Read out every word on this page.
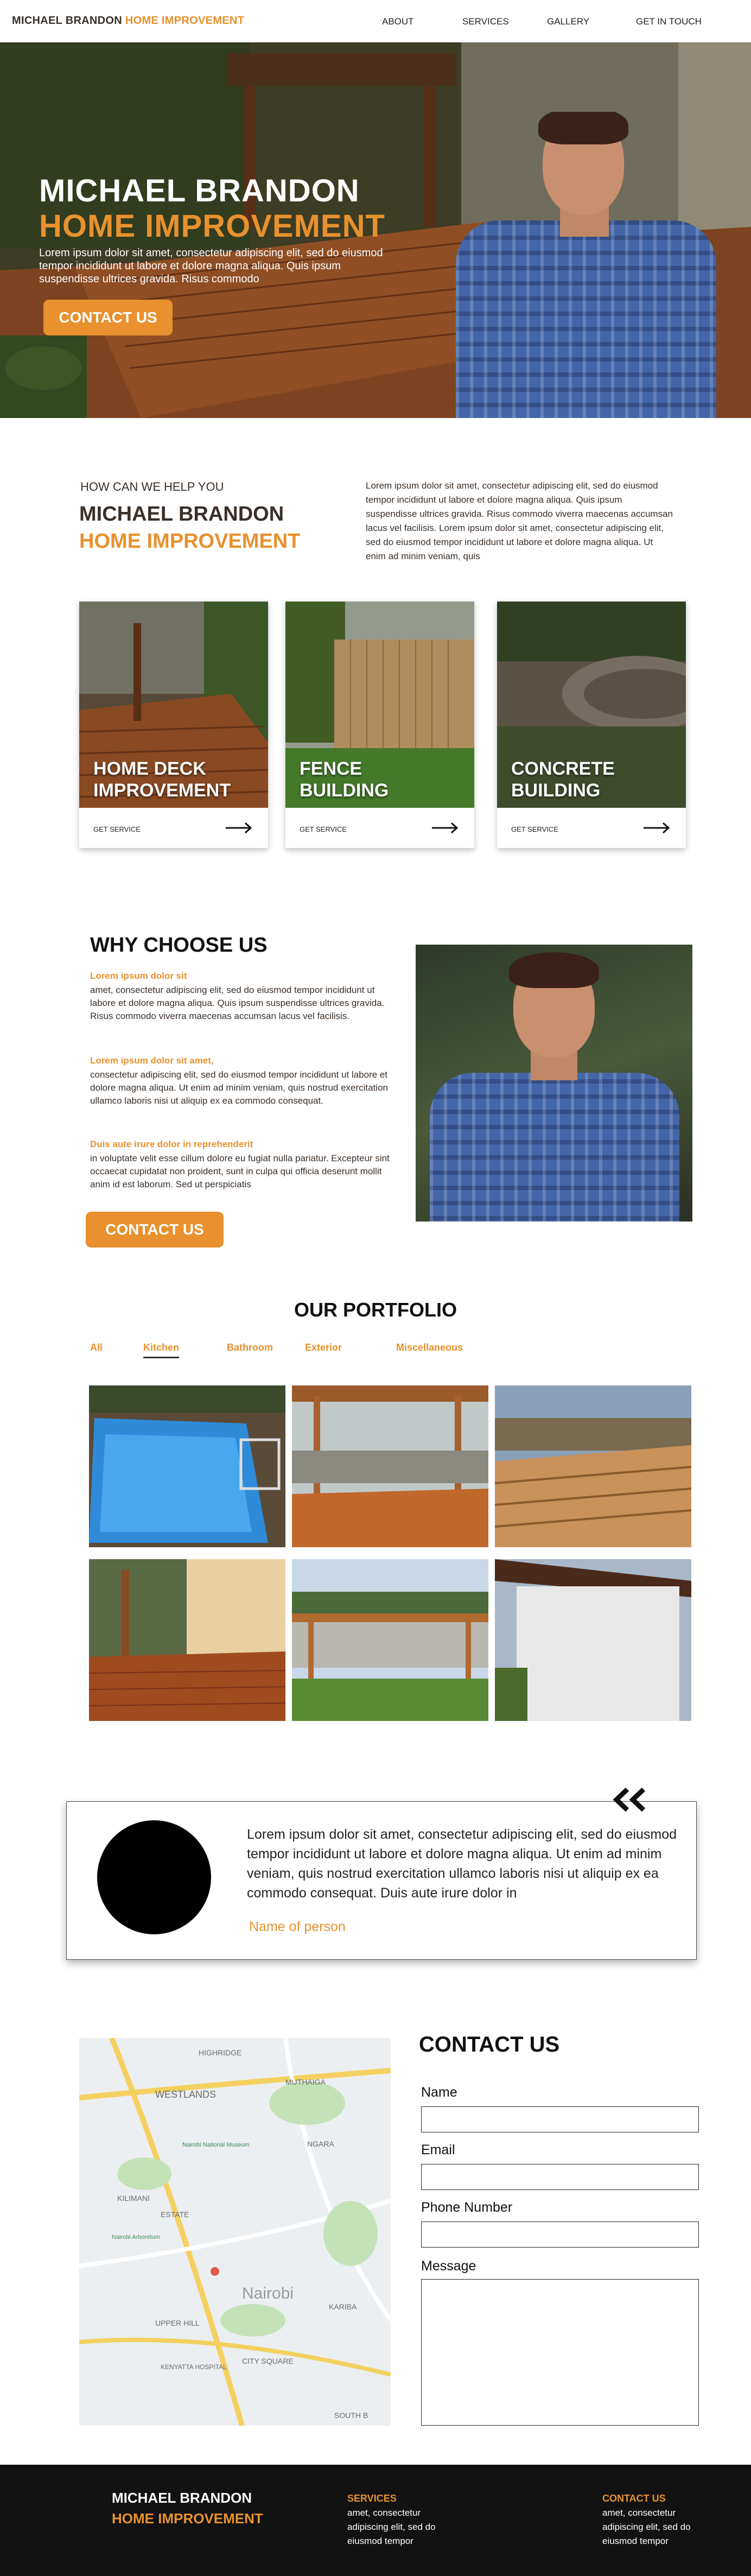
MICHAEL BRANDON HOME IMPROVEMENT	ABOUT	SERVICES	GALLERY	GET IN TOUCH
MICHAEL BRANDON
HOME IMPROVEMENT
Lorem ipsum dolor sit amet, consectetur adipiscing elit, sed do eiusmod tempor incididunt ut labore et dolore magna aliqua. Quis ipsum suspendisse ultrices gravida. Risus commodo
CONTACT US
HOW CAN WE HELP YOU
MICHAEL BRANDON
HOME IMPROVEMENT
Lorem ipsum dolor sit amet, consectetur adipiscing elit, sed do eiusmod tempor incididunt ut labore et dolore magna aliqua. Quis ipsum suspendisse ultrices gravida. Risus commodo viverra maecenas accumsan lacus vel facilisis. Lorem ipsum dolor sit amet, consectetur adipiscing elit, sed do eiusmod tempor incididunt ut labore et dolore magna aliqua. Ut enim ad minim veniam, quis
HOME DECK
IMPROVEMENT
GET SERVICE
FENCE
BUILDING
GET SERVICE
CONCRETE
BUILDING
GET SERVICE
WHY CHOOSE US
Lorem ipsum dolor sit
amet, consectetur adipiscing elit, sed do eiusmod tempor incididunt ut labore et dolore magna aliqua. Quis ipsum suspendisse ultrices gravida. Risus commodo viverra maecenas accumsan lacus vel facilisis.
Lorem ipsum dolor sit amet,
consectetur adipiscing elit, sed do eiusmod tempor incididunt ut labore et dolore magna aliqua. Ut enim ad minim veniam, quis nostrud exercitation ullamco laboris nisi ut aliquip ex ea commodo consequat.
Duis aute irure dolor in reprehenderit
in voluptate velit esse cillum dolore eu fugiat nulla pariatur. Excepteur sint occaecat cupidatat non proident, sunt in culpa qui officia deserunt mollit anim id est laborum. Sed ut perspiciatis
CONTACT US
OUR PORTFOLIO
All	Kitchen	Bathroom	Exterior	Miscellaneous
Lorem ipsum dolor sit amet, consectetur adipiscing elit, sed do eiusmod tempor incididunt ut labore et dolore magna aliqua. Ut enim ad minim veniam, quis nostrud exercitation ullamco laboris nisi ut aliquip ex ea commodo consequat. Duis aute irure dolor in
Name of person
HIGHRIDGE
WESTLANDS
NGARA
MUTHAIGA
KILIMANI
ESTATE
Nairobi
UPPER HILL
KENYATTA HOSPITAL
CITY SQUARE
KARIBA
SOUTH B
Nairobi National Museum
Nairobi Arboretum
CONTACT US
Name
Email
Phone Number
Message
MICHAEL BRANDON
HOME IMPROVEMENT
SERVICES
amet, consectetur adipiscing elit, sed do eiusmod tempor
CONTACT US
amet, consectetur adipiscing elit, sed do eiusmod tempor
